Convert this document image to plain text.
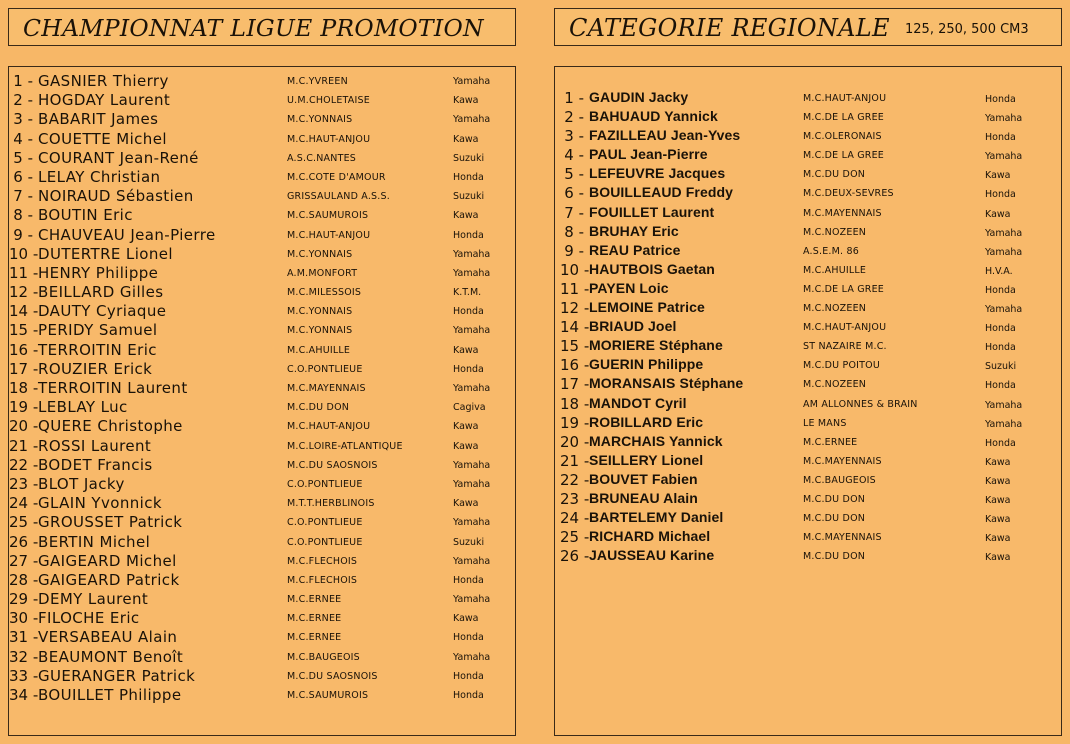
CHAMPIONNAT LIGUE PROMOTION	CATEGORIE REGIONALE 125, 250, 500 CM3
1 - GASNIER Thierry	M.C.YVREEN	Yamaha
2 - HOGDAY Laurent	U.M.CHOLETAISE	Kawa
3 - BABARIT James	M.C.YONNAIS	Yamaha
4 - COUETTE Michel	M.C.HAUT-ANJOU	Kawa
5 - COURANT Jean-René	A.S.C.NANTES	Suzuki
6 - LELAY Christian	M.C.COTE D'AMOUR	Honda
7 - NOIRAUD Sébastien	GRISSAULAND A.S.S.	Suzuki
8 - BOUTIN Eric	M.C.SAUMUROIS	Kawa
9 - CHAUVEAU Jean-Pierre	M.C.HAUT-ANJOU	Honda
10 - DUTERTRE Lionel	M.C.YONNAIS	Yamaha
11 - HENRY Philippe	A.M.MONFORT	Yamaha
12 - BEILLARD Gilles	M.C.MILESSOIS	K.T.M.
14 - DAUTY Cyriaque	M.C.YONNAIS	Honda
15 - PERIDY Samuel	M.C.YONNAIS	Yamaha
16 - TERROITIN Eric	M.C.AHUILLE	Kawa
17 - ROUZIER Erick	C.O.PONTLIEUE	Honda
18 - TERROITIN Laurent	M.C.MAYENNAIS	Yamaha
19 - LEBLAY Luc	M.C.DU DON	Cagiva
20 - QUERE Christophe	M.C.HAUT-ANJOU	Kawa
21 - ROSSI Laurent	M.C.LOIRE-ATLANTIQUE	Kawa
22 - BODET Francis	M.C.DU SAOSNOIS	Yamaha
23 - BLOT Jacky	C.O.PONTLIEUE	Yamaha
24 - GLAIN Yvonnick	M.T.T.HERBLINOIS	Kawa
25 - GROUSSET Patrick	C.O.PONTLIEUE	Yamaha
26 - BERTIN Michel	C.O.PONTLIEUE	Suzuki
27 - GAIGEARD Michel	M.C.FLECHOIS	Yamaha
28 - GAIGEARD Patrick	M.C.FLECHOIS	Honda
29 - DEMY Laurent	M.C.ERNEE	Yamaha
30 - FILOCHE Eric	M.C.ERNEE	Kawa
31 - VERSABEAU Alain	M.C.ERNEE	Honda
32 - BEAUMONT Benoît	M.C.BAUGEOIS	Yamaha
33 - GUERANGER Patrick	M.C.DU SAOSNOIS	Honda
34 - BOUILLET Philippe	M.C.SAUMUROIS	Honda
1 - GAUDIN Jacky	M.C.HAUT-ANJOU	Honda
2 - BAHUAUD Yannick	M.C.DE LA GREE	Yamaha
3 - FAZILLEAU Jean-Yves	M.C.OLERONAIS	Honda
4 - PAUL Jean-Pierre	M.C.DE LA GREE	Yamaha
5 - LEFEUVRE Jacques	M.C.DU DON	Kawa
6 - BOUILLEAUD Freddy	M.C.DEUX-SEVRES	Honda
7 - FOUILLET Laurent	M.C.MAYENNAIS	Kawa
8 - BRUHAY Eric	M.C.NOZEEN	Yamaha
9 - REAU Patrice	A.S.E.M. 86	Yamaha
10 - HAUTBOIS Gaetan	M.C.AHUILLE	H.V.A.
11 - PAYEN Loic	M.C.DE LA GREE	Honda
12 - LEMOINE Patrice	M.C.NOZEEN	Yamaha
14 - BRIAUD Joel	M.C.HAUT-ANJOU	Honda
15 - MORIERE Stéphane	ST NAZAIRE M.C.	Honda
16 - GUERIN Philippe	M.C.DU POITOU	Suzuki
17 - MORANSAIS Stéphane	M.C.NOZEEN	Honda
18 - MANDOT Cyril	AM ALLONNES & BRAIN	Yamaha
19 - ROBILLARD Eric	LE MANS	Yamaha
20 - MARCHAIS Yannick	M.C.ERNEE	Honda
21 - SEILLERY Lionel	M.C.MAYENNAIS	Kawa
22 - BOUVET Fabien	M.C.BAUGEOIS	Kawa
23 - BRUNEAU Alain	M.C.DU DON	Kawa
24 - BARTELEMY Daniel	M.C.DU DON	Kawa
25 - RICHARD Michael	M.C.MAYENNAIS	Kawa
26 - JAUSSEAU Karine	M.C.DU DON	Kawa
